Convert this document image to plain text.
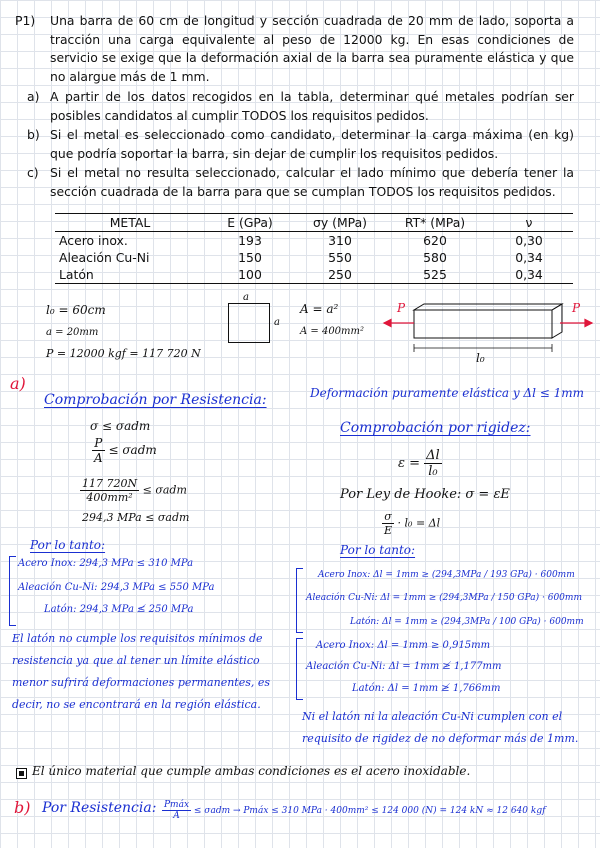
P1) Una barra de 60 cm de longitud y sección cuadrada de 20 mm de lado, soporta a tracción una carga equivalente al peso de 12000 kg. En esas condiciones de servicio se exige que la deformación axial de la barra sea puramente elástica y que no alargue más de 1 mm.
a) A partir de los datos recogidos en la tabla, determinar qué metales podrían ser posibles candidatos al cumplir TODOS los requisitos pedidos.
b) Si el metal es seleccionado como candidato, determinar la carga máxima (en kg) que podría soportar la barra, sin dejar de cumplir los requisitos pedidos.
c) Si el metal no resulta seleccionado, calcular el lado mínimo que debería tener la sección cuadrada de la barra para que se cumplan TODOS los requisitos pedidos.
METAL	E (GPa)	σy (MPa)	RT* (MPa)	ν
Acero inox.	193	310	620	0,30
Aleación Cu-Ni	150	550	580	0,34
Latón	100	250	525	0,34
l₀ = 60cm
a = 20mm
P = 12000 kgf = 117 720 N
a
a
A = a²
A = 400mm²
P	P
l₀
a)
Comprobación por Resistencia:
σ ≤ σadm
$\frac{P}{A} \le \sigma adm$
$\frac{117 720N}{\text{400mm²}} \le \sigma adm$
294,3 MPa ≤ σadm
Por lo tanto:
Acero Inox: 294,3 MPa ≤ 310 MPa
Aleación Cu-Ni: 294,3 MPa ≤ 550 MPa
Latón: 294,3 MPa ≰ 250 MPa
El latón no cumple los requisitos mínimos de resistencia ya que al tener un límite elástico menor sufrirá deformaciones permanentes, es decir, no se encontrará en la región elástica.
Deformación puramente elástica y Δl ≤ 1mm
Comprobación por rigidez:
$\varepsilon = \frac{\Delta l}{\text{l₀}}$
Por Ley de Hooke: σ = εE
$\frac{\sigma}{E} \cdot l_0 = \Delta l$
Por lo tanto:
Acero Inox: Δl = 1mm ≥ (294,3MPa / 193 GPa) · 600mm
Aleación Cu-Ni: Δl = 1mm ≥ (294,3MPa / 150 GPa) · 600mm
Latón: Δl = 1mm ≥ (294,3MPa / 100 GPa) · 600mm
Acero Inox: Δl = 1mm ≥ 0,915mm
Aleación Cu-Ni: Δl = 1mm ≱ 1,177mm
Latón: Δl = 1mm ≱ 1,766mm
Ni el latón ni la aleación Cu-Ni cumplen con el requisito de rigidez de no deformar más de 1mm.
El único material que cumple ambas condiciones es el acero inoxidable.
b) Por Resistencia: $\frac{\text{Pmáx}}{A} \le \sigma adm$ → Pmáx ≤ 310 MPa · 400mm² ≤ 124 000 (N) = 124 kN ≈ 12 640 kgf
